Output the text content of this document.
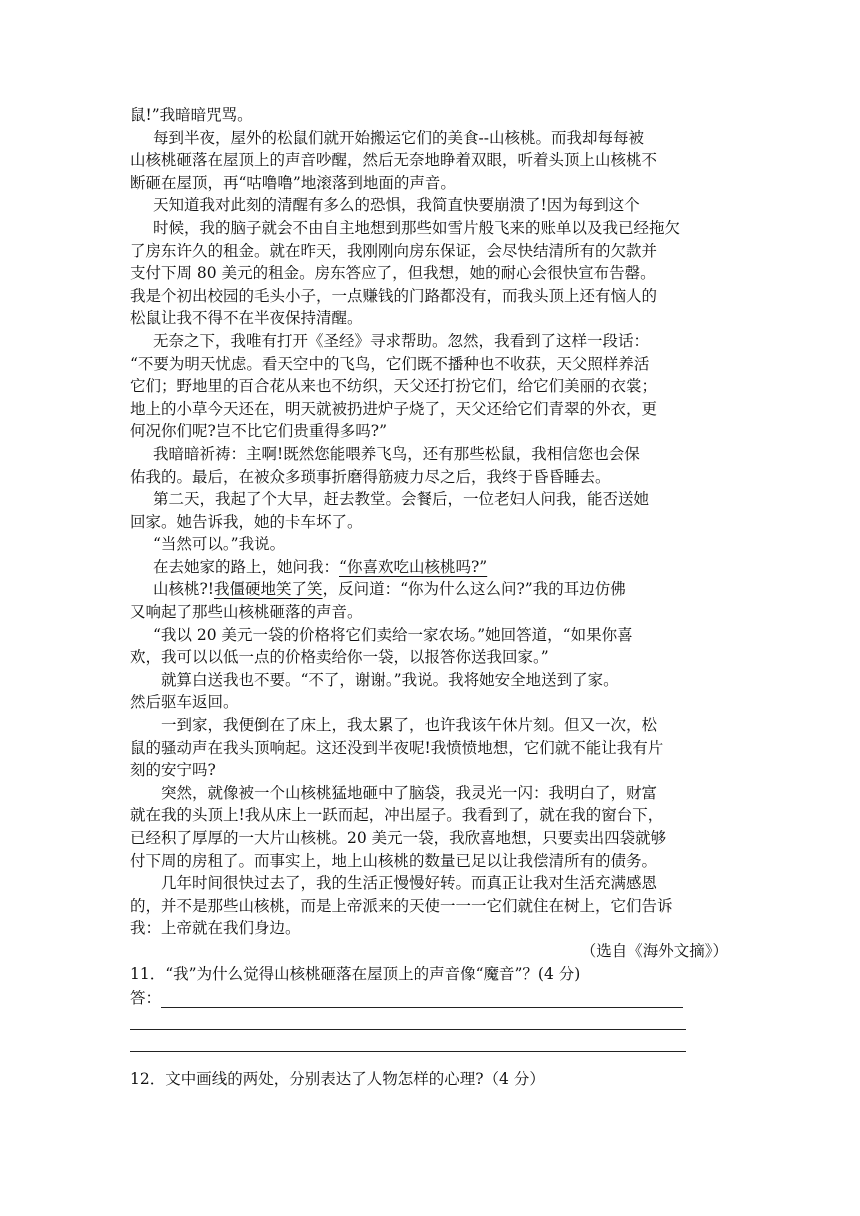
鼠!”我暗暗咒骂。
每到半夜，屋外的松鼠们就开始搬运它们的美食--山核桃。而我却每每被
山核桃砸落在屋顶上的声音吵醒，然后无奈地睁着双眼，听着头顶上山核桃不
断砸在屋顶，再“咕噜噜”地滚落到地面的声音。
天知道我对此刻的清醒有多么的恐惧，我简直快要崩溃了!因为每到这个
时候，我的脑子就会不由自主地想到那些如雪片般飞来的账单以及我已经拖欠
了房东许久的租金。就在昨天，我刚刚向房东保证，会尽快结清所有的欠款并
支付下周 80 美元的租金。房东答应了，但我想，她的耐心会很快宣布告罄。
我是个初出校园的毛头小子，一点赚钱的门路都没有，而我头顶上还有恼人的
松鼠让我不得不在半夜保持清醒。
无奈之下，我唯有打开《圣经》寻求帮助。忽然，我看到了这样一段话：
“不要为明天忧虑。看天空中的飞鸟，它们既不播种也不收获，天父照样养活
它们；野地里的百合花从来也不纺织，天父还打扮它们，给它们美丽的衣裳；
地上的小草今天还在，明天就被扔进炉子烧了，天父还给它们青翠的外衣，更
何况你们呢?岂不比它们贵重得多吗?”
我暗暗祈祷：主啊!既然您能喂养飞鸟，还有那些松鼠，我相信您也会保
佑我的。最后，在被众多琐事折磨得筋疲力尽之后，我终于昏昏睡去。
第二天，我起了个大早，赶去教堂。会餐后，一位老妇人问我，能否送她
回家。她告诉我，她的卡车坏了。
“当然可以。”我说。
在去她家的路上，她问我：“你喜欢吃山核桃吗?”
山核桃?!我僵硬地笑了笑，反问道：“你为什么这么问?”我的耳边仿佛
又响起了那些山核桃砸落的声音。
“我以 20 美元一袋的价格将它们卖给一家农场。”她回答道，“如果你喜
欢，我可以以低一点的价格卖给你一袋，以报答你送我回家。”
就算白送我也不要。“不了，谢谢。”我说。我将她安全地送到了家。
然后驱车返回。
一到家，我便倒在了床上，我太累了，也许我该午休片刻。但又一次，松
鼠的骚动声在我头顶响起。这还没到半夜呢!我愤愤地想，它们就不能让我有片
刻的安宁吗?
突然，就像被一个山核桃猛地砸中了脑袋，我灵光一闪：我明白了，财富
就在我的头顶上!我从床上一跃而起，冲出屋子。我看到了，就在我的窗台下，
已经积了厚厚的一大片山核桃。20 美元一袋，我欣喜地想，只要卖出四袋就够
付下周的房租了。而事实上，地上山核桃的数量已足以让我偿清所有的债务。
几年时间很快过去了，我的生活正慢慢好转。而真正让我对生活充满感恩
的，并不是那些山核桃，而是上帝派来的天使一一一它们就住在树上，它们告诉
我：上帝就在我们身边。
（选自《海外文摘》）
11．“我”为什么觉得山核桃砸落在屋顶上的声音像“魔音”？(4 分)
答：
12．文中画线的两处，分别表达了人物怎样的心理?（4 分）
